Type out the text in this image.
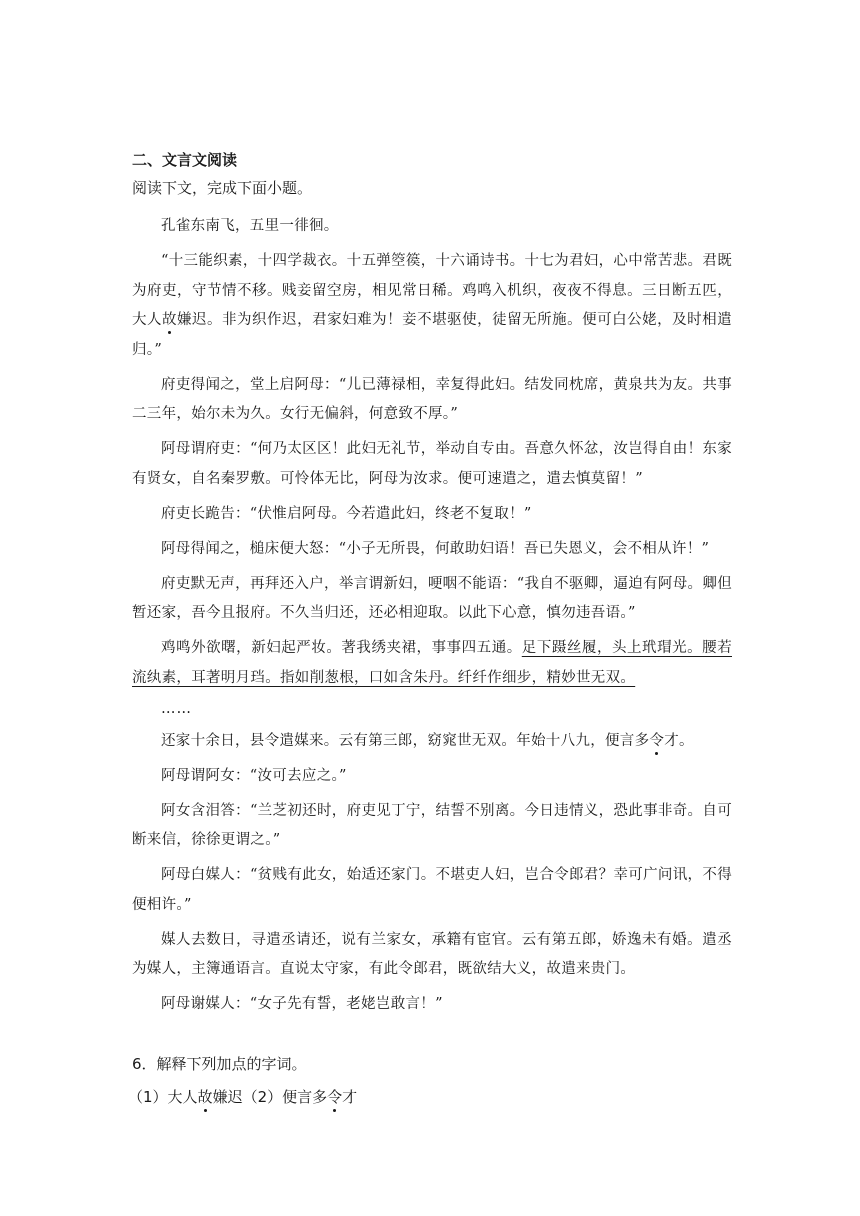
二、文言文阅读
阅读下文，完成下面小题。

孔雀东南飞，五里一徘徊。

“十三能织素，十四学裁衣。十五弹箜篌，十六诵诗书。十七为君妇，心中常苦悲。君既为府吏，守节情不移。贱妾留空房，相见常日稀。鸡鸣入机织，夜夜不得息。三日断五匹，大人故嫌迟。非为织作迟，君家妇难为！妾不堪驱使，徒留无所施。便可白公姥，及时相遣归。”

府吏得闻之，堂上启阿母：“儿已薄禄相，幸复得此妇。结发同枕席，黄泉共为友。共事二三年，始尔未为久。女行无偏斜，何意致不厚。”

阿母谓府吏：“何乃太区区！此妇无礼节，举动自专由。吾意久怀忿，汝岂得自由！东家有贤女，自名秦罗敷。可怜体无比，阿母为汝求。便可速遣之，遣去慎莫留！”

府吏长跪告：“伏惟启阿母。今若遣此妇，终老不复取！”

阿母得闻之，槌床便大怒：“小子无所畏，何敢助妇语！吾已失恩义，会不相从许！”

府吏默无声，再拜还入户，举言谓新妇，哽咽不能语：“我自不驱卿，逼迫有阿母。卿但暂还家，吾今且报府。不久当归还，还必相迎取。以此下心意，慎勿违吾语。”

鸡鸣外欲曙，新妇起严妆。著我绣夹裙，事事四五通。足下蹑丝履，头上玳瑁光。腰若流纨素，耳著明月珰。指如削葱根，口如含朱丹。纤纤作细步，精妙世无双。

……

还家十余日，县令遣媒来。云有第三郎，窈窕世无双。年始十八九，便言多令才。

阿母谓阿女：“汝可去应之。”

阿女含泪答：“兰芝初还时，府吏见丁宁，结誓不别离。今日违情义，恐此事非奇。自可断来信，徐徐更谓之。”

阿母白媒人：“贫贱有此女，始适还家门。不堪吏人妇，岂合令郎君？幸可广问讯，不得便相许。”

媒人去数日，寻遣丞请还，说有兰家女，承籍有宦官。云有第五郎，娇逸未有婚。遣丞为媒人，主簿通语言。直说太守家，有此令郎君，既欲结大义，故遣来贵门。

阿母谢媒人：“女子先有誓，老姥岂敢言！”

6．解释下列加点的字词。
（1）大人故嫌迟（2）便言多令才
